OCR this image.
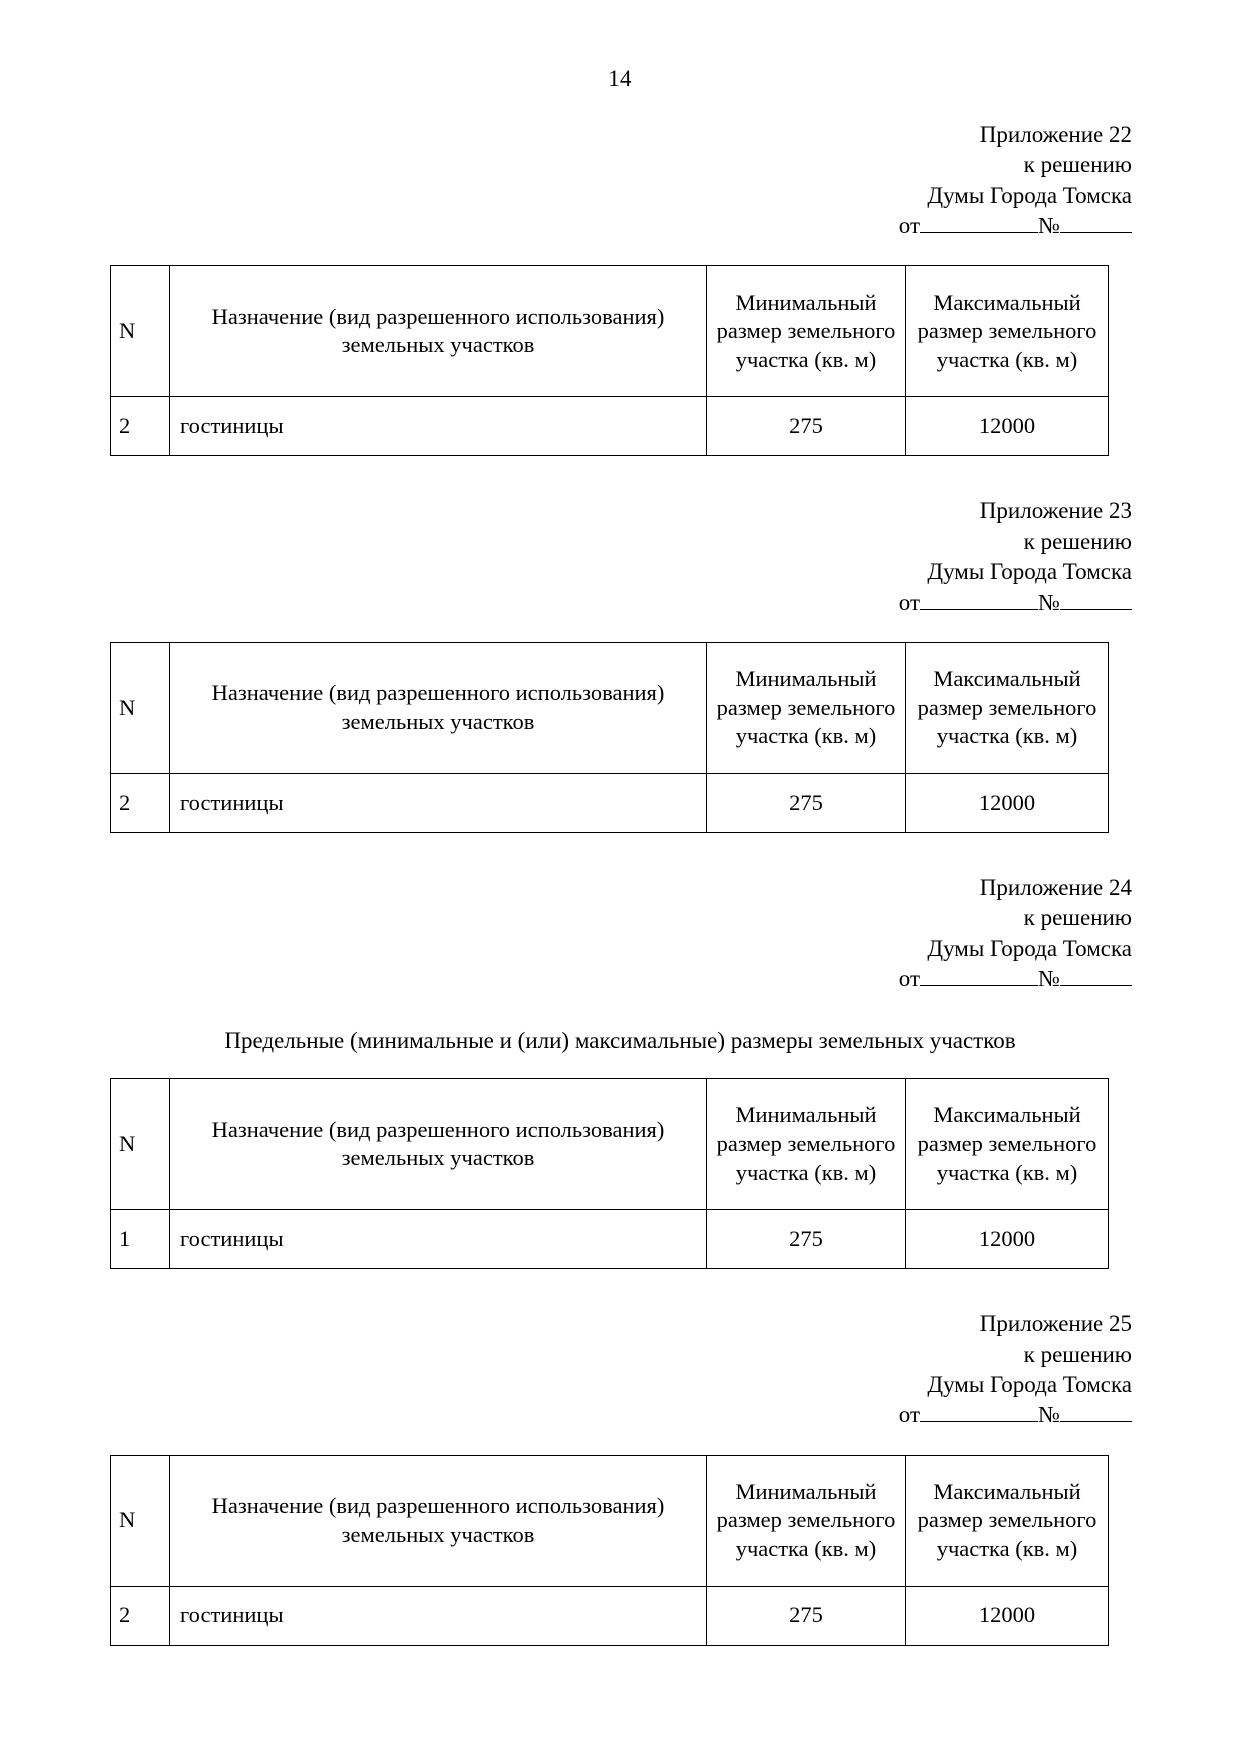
14
Приложение 22
к решению
Думы Города Томска
от	№
N	Назначение (вид разрешенного использования) земельных участков	Минимальный размер земельного участка (кв. м)	Максимальный размер земельного участка (кв. м)
2	гостиницы	275	12000
Приложение 23
к решению
Думы Города Томска
от	№
N	Назначение (вид разрешенного использования) земельных участков	Минимальный размер земельного участка (кв. м)	Максимальный размер земельного участка (кв. м)
2	гостиницы	275	12000
Приложение 24
к решению
Думы Города Томска
от	№
Предельные (минимальные и (или) максимальные) размеры земельных участков
N	Назначение (вид разрешенного использования) земельных участков	Минимальный размер земельного участка (кв. м)	Максимальный размер земельного участка (кв. м)
1	гостиницы	275	12000
Приложение 25
к решению
Думы Города Томска
от	№
N	Назначение (вид разрешенного использования) земельных участков	Минимальный размер земельного участка (кв. м)	Максимальный размер земельного участка (кв. м)
2	гостиницы	275	12000
